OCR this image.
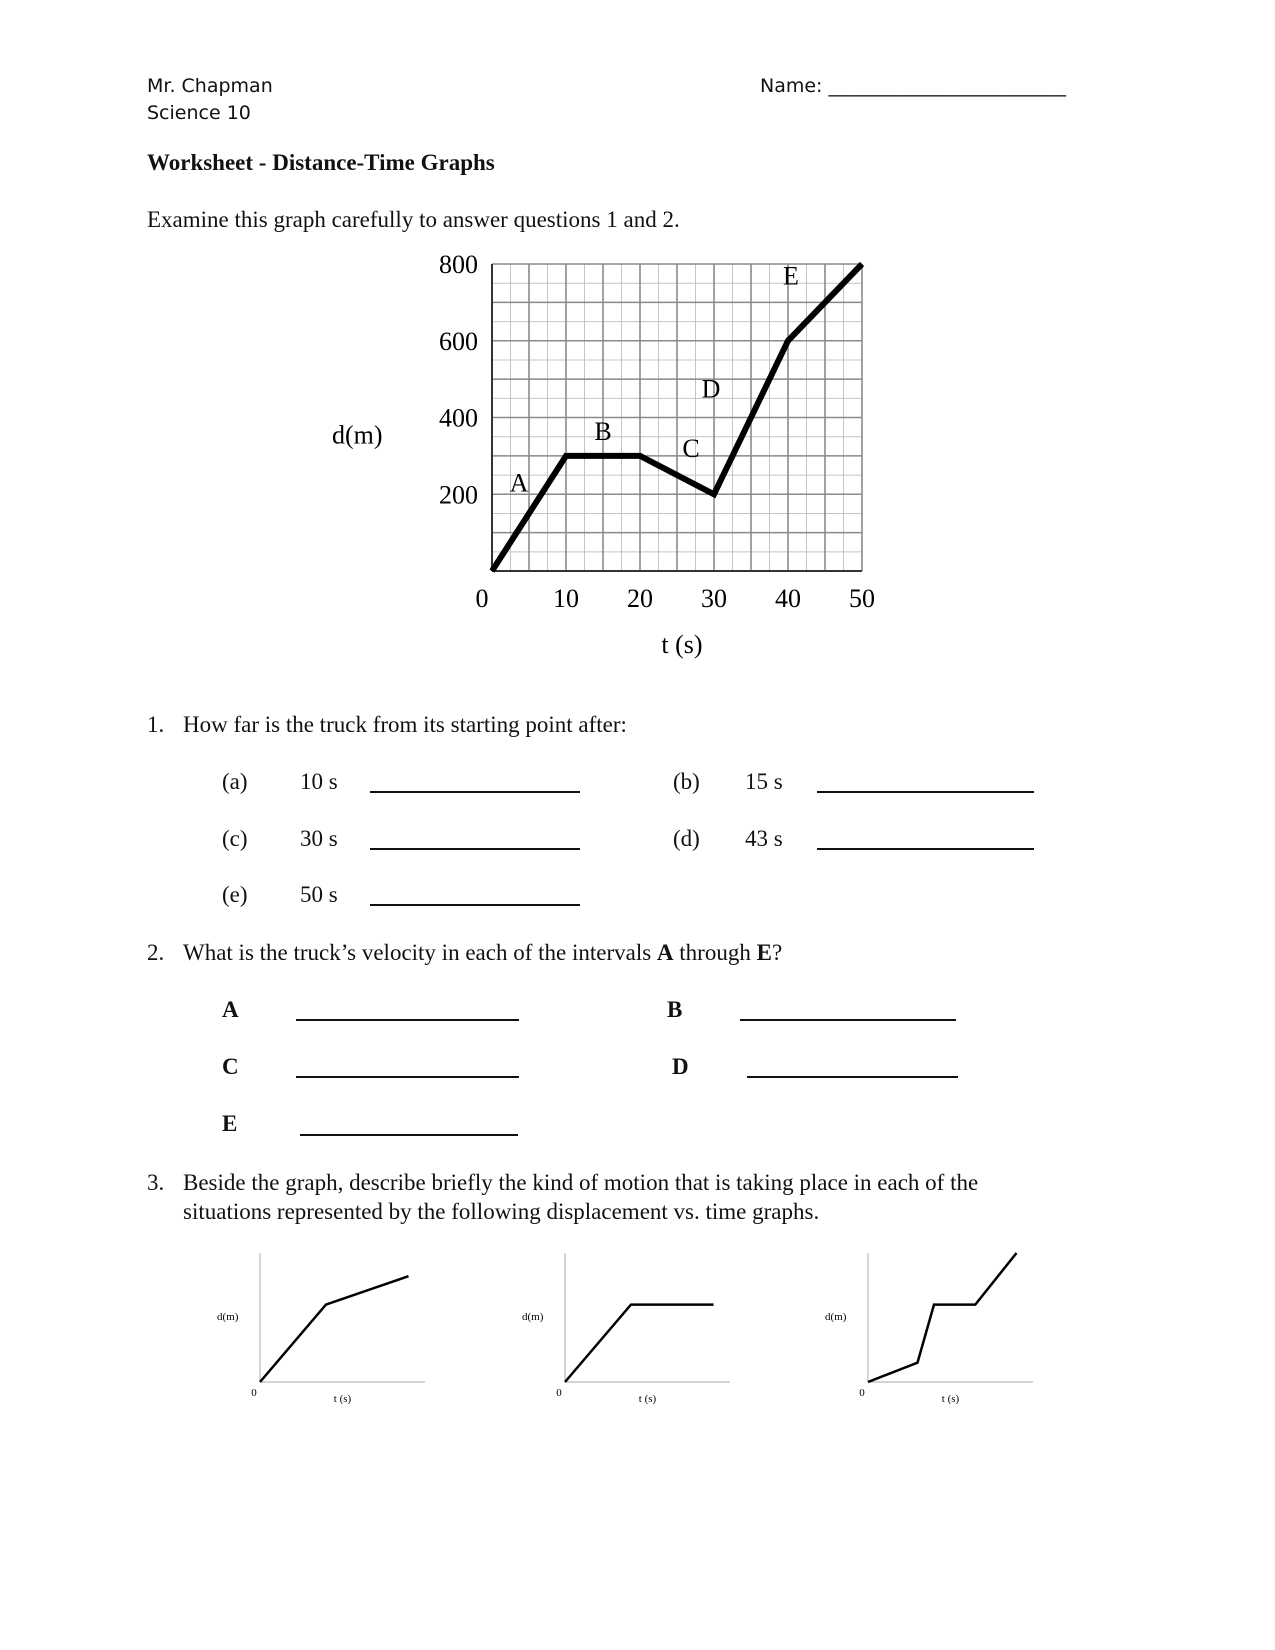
Mr. Chapman
Science 10
Name: _________________________
Worksheet - Distance-Time Graphs
Examine this graph carefully to answer questions 1 and 2.
0 10 20 30 40 50
200
400
600
800
d(m)
t (s)
A
B
C
D
E
1. How far is the truck from its starting point after:
(a) 10 s	(b) 15 s
(c) 30 s	(d) 43 s
(e) 50 s
2. What is the truck’s velocity in each of the intervals A through E?
A	B
C	D
E
3. Beside the graph, describe briefly the kind of motion that is taking place in each of the
situations represented by the following displacement vs. time graphs.
0
d(m)
t (s)	0
d(m)
t (s)	0
d(m)
t (s)
